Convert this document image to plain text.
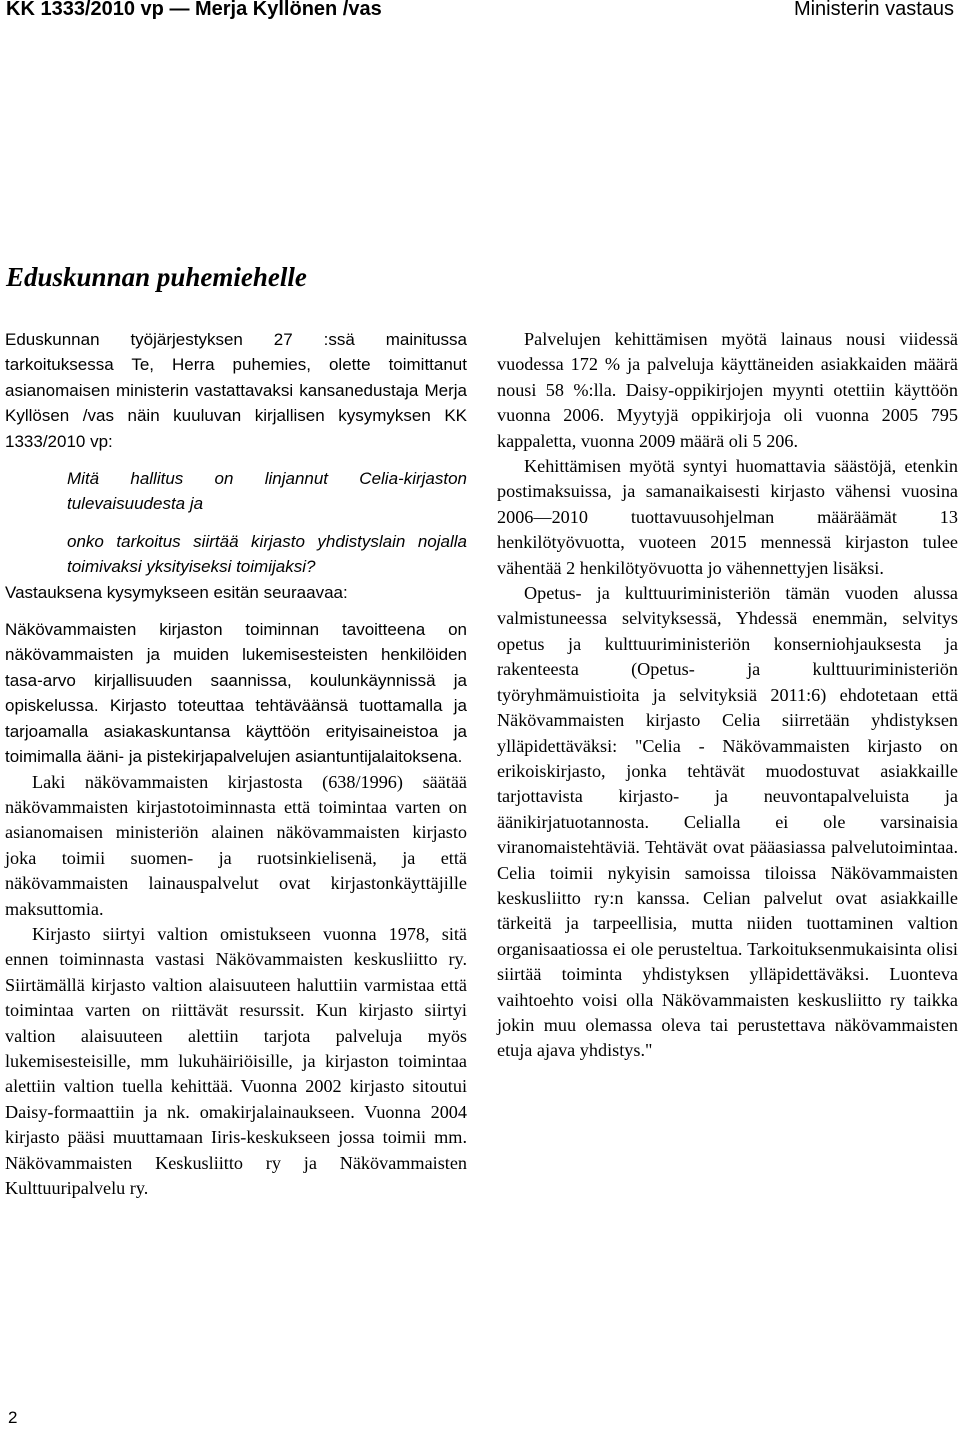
KK 1333/2010 vp — Merja Kyllönen /vas	Ministerin vastaus
Eduskunnan puhemiehelle

Eduskunnan työjärjestyksen 27 :ssä mainitussa tarkoituksessa Te, Herra puhemies, olette toimittanut asianomaisen ministerin vastattavaksi kansanedustaja Merja Kyllösen /vas näin kuuluvan kirjallisen kysymyksen KK 1333/2010 vp:

Mitä hallitus on linjannut Celia-kirjaston tulevaisuudesta ja

onko tarkoitus siirtää kirjasto yhdistyslain nojalla toimivaksi yksityiseksi toimijaksi?

Vastauksena kysymykseen esitän seuraavaa:

Näkövammaisten kirjaston toiminnan tavoitteena on näkövammaisten ja muiden lukemisesteisten henkilöiden tasa-arvo kirjallisuuden saannissa, koulunkäynnissä ja opiskelussa. Kirjasto toteuttaa tehtäväänsä tuottamalla ja tarjoamalla asiakaskuntansa käyttöön erityisaineistoa ja toimimalla ääni- ja pistekirjapalvelujen asiantuntijalaitoksena.

Laki näkövammaisten kirjastosta (638/1996) säätää näkövammaisten kirjastotoiminnasta että toimintaa varten on asianomaisen ministeriön alainen näkövammaisten kirjasto joka toimii suomen- ja ruotsinkielisenä, ja että näkövammaisten lainauspalvelut ovat kirjastonkäyttäjille maksuttomia.

Kirjasto siirtyi valtion omistukseen vuonna 1978, sitä ennen toiminnasta vastasi Näkövammaisten keskusliitto ry. Siirtämällä kirjasto valtion alaisuuteen haluttiin varmistaa että toimintaa varten on riittävät resurssit. Kun kirjasto siirtyi valtion alaisuuteen alettiin tarjota palveluja myös lukemisesteisille, mm lukuhäiriöisille, ja kirjaston toimintaa alettiin valtion tuella kehittää. Vuonna 2002 kirjasto sitoutui Daisy-formaattiin ja nk. omakirjalainaukseen. Vuonna 2004 kirjasto pääsi muuttamaan Iiris-keskukseen jossa toimii mm. Näkövammaisten Keskusliitto ry ja Näkövammaisten Kulttuuripalvelu ry.

Palvelujen kehittämisen myötä lainaus nousi viidessä vuodessa 172 % ja palveluja käyttäneiden asiakkaiden määrä nousi 58 %:lla. Daisy-oppikirjojen myynti otettiin käyttöön vuonna 2006. Myytyjä oppikirjoja oli vuonna 2005 795 kappaletta, vuonna 2009 määrä oli 5 206.

Kehittämisen myötä syntyi huomattavia säästöjä, etenkin postimaksuissa, ja samanaikaisesti kirjasto vähensi vuosina 2006—2010 tuottavuusohjelman määräämät 13 henkilötyövuotta, vuoteen 2015 mennessä kirjaston tulee vähentää 2 henkilötyövuotta jo vähennettyjen lisäksi.

Opetus- ja kulttuuriministeriön tämän vuoden alussa valmistuneessa selvityksessä, Yhdessä enemmän, selvitys opetus ja kulttuuriministeriön konserniohjauksesta ja rakenteesta (Opetus- ja kulttuuriministeriön työryhmämuistioita ja selvityksiä 2011:6) ehdotetaan että Näkövammaisten kirjasto Celia siirretään yhdistyksen ylläpidettäväksi: "Celia - Näkövammaisten kirjasto on erikoiskirjasto, jonka tehtävät muodostuvat asiakkaille tarjottavista kirjasto- ja neuvontapalveluista ja äänikirjatuotannosta. Celialla ei ole varsinaisia viranomaistehtäviä. Tehtävät ovat pääasiassa palvelutoimintaa. Celia toimii nykyisin samoissa tiloissa Näkövammaisten keskusliitto ry:n kanssa. Celian palvelut ovat asiakkaille tärkeitä ja tarpeellisia, mutta niiden tuottaminen valtion organisaatiossa ei ole perusteltua. Tarkoituksenmukaisinta olisi siirtää toiminta yhdistyksen ylläpidettäväksi. Luonteva vaihtoehto voisi olla Näkövammaisten keskusliitto ry taikka jokin muu olemassa oleva tai perustettava näkövammaisten etuja ajava yhdistys."

2
